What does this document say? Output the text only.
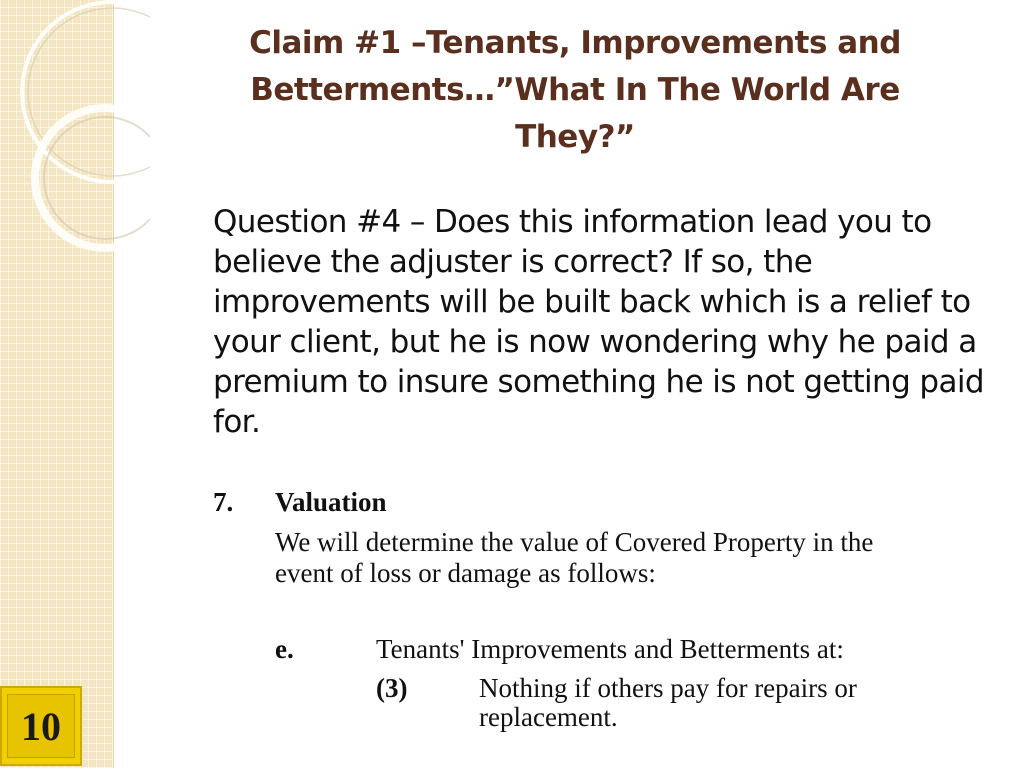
Claim #1 –Tenants, Improvements and Betterments…”What In The World Are They?”
Question #4 – Does this information lead you to believe the adjuster is correct? If so, the improvements will be built back which is a relief to your client, but he is now wondering why he paid a premium to insure something he is not getting paid for.
7. Valuation
We will determine the value of Covered Property in the
event of loss or damage as follows:
e.	Tenants' Improvements and Betterments at:
(3)	Nothing if others pay for repairs or
replacement.
10
